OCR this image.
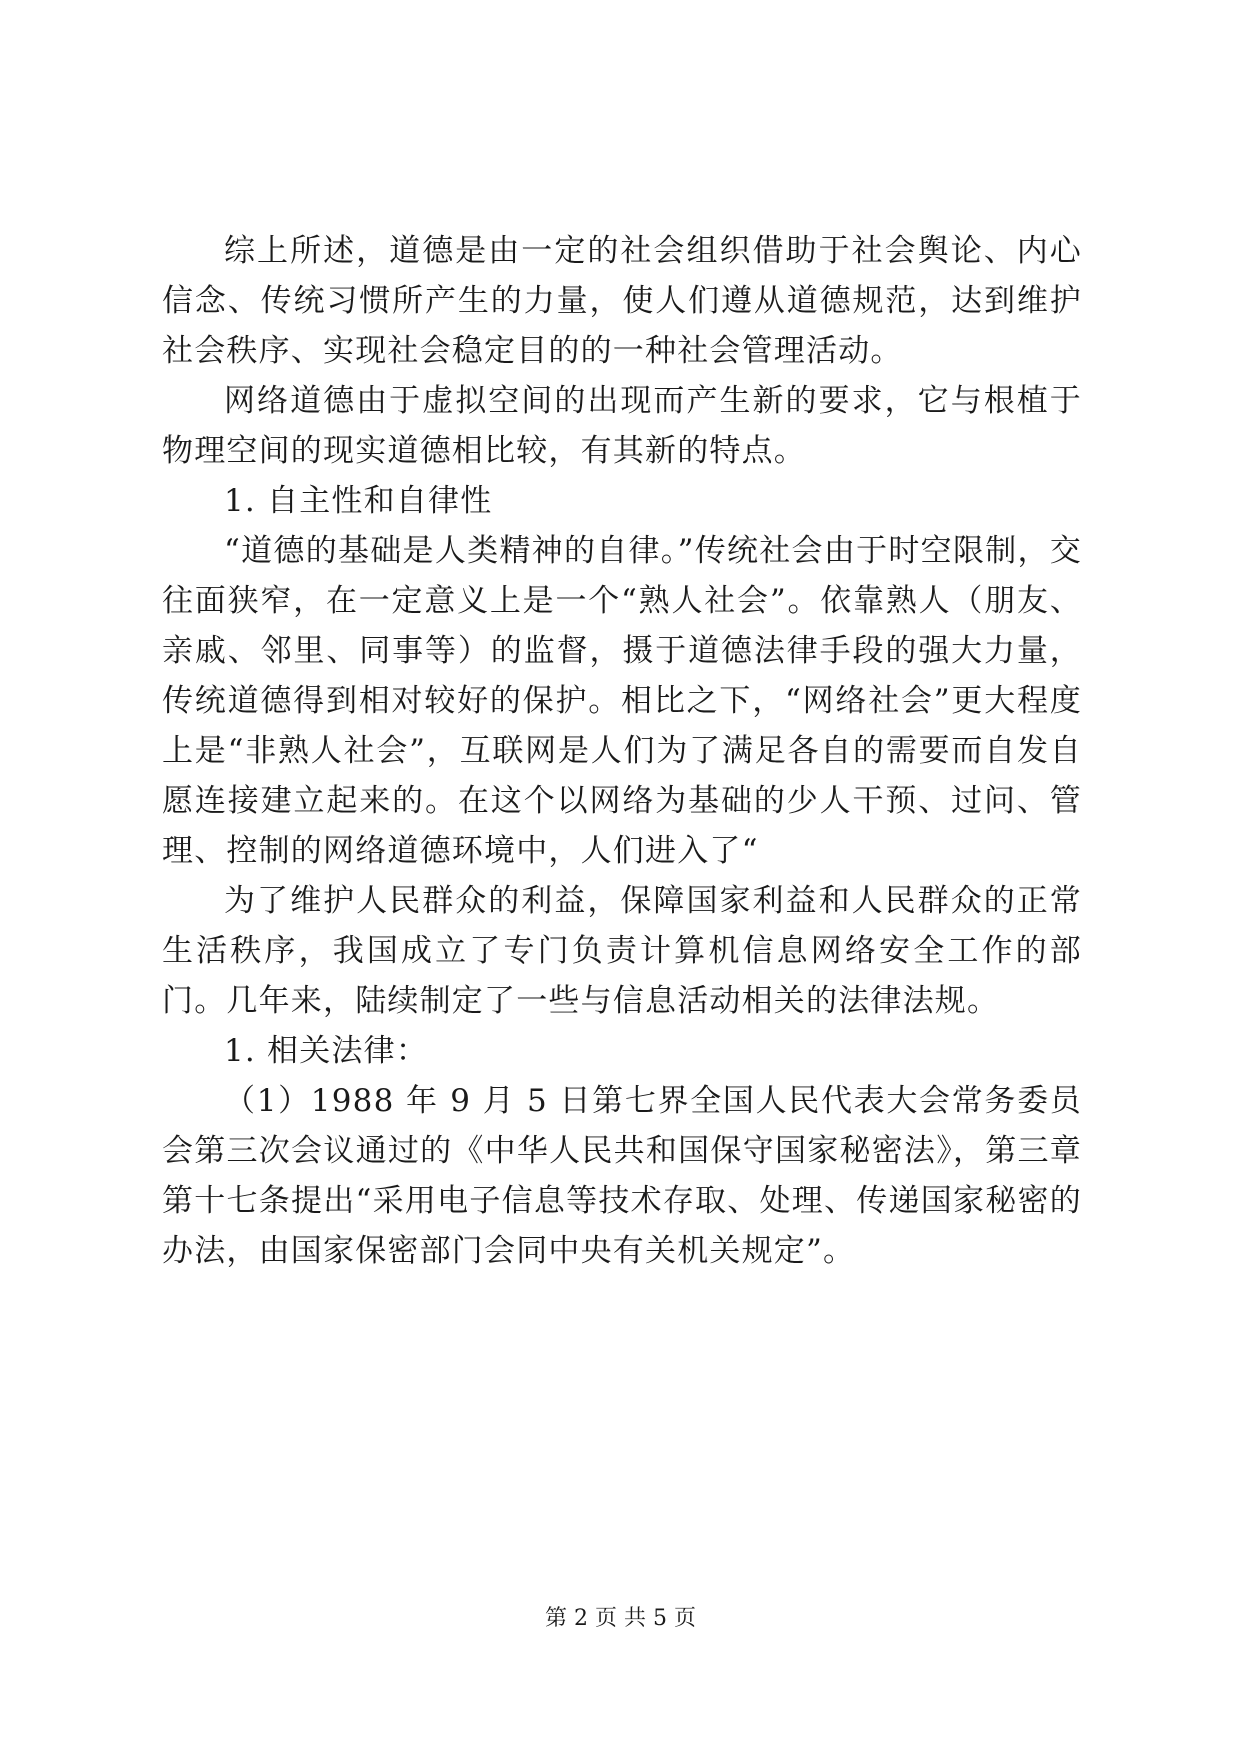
综上所述，道德是由一定的社会组织借助于社会舆论、内心信念、传统习惯所产生的力量，使人们遵从道德规范，达到维护社会秩序、实现社会稳定目的的一种社会管理活动。

网络道德由于虚拟空间的出现而产生新的要求，它与根植于物理空间的现实道德相比较，有其新的特点。

1. 自主性和自律性

“道德的基础是人类精神的自律。”传统社会由于时空限制，交往面狭窄，在一定意义上是一个“熟人社会”。依靠熟人（朋友、亲戚、邻里、同事等）的监督，摄于道德法律手段的强大力量，传统道德得到相对较好的保护。相比之下，“网络社会”更大程度上是“非熟人社会”，互联网是人们为了满足各自的需要而自发自愿连接建立起来的。在这个以网络为基础的少人干预、过问、管理、控制的网络道德环境中，人们进入了“

为了维护人民群众的利益，保障国家利益和人民群众的正常生活秩序，我国成立了专门负责计算机信息网络安全工作的部门。几年来，陆续制定了一些与信息活动相关的法律法规。

1. 相关法律：

（1）1988 年 9 月 5 日第七界全国人民代表大会常务委员会第三次会议通过的《中华人民共和国保守国家秘密法》，第三章第十七条提出“采用电子信息等技术存取、处理、传递国家秘密的办法，由国家保密部门会同中央有关机关规定”。

第 2 页 共 5 页
